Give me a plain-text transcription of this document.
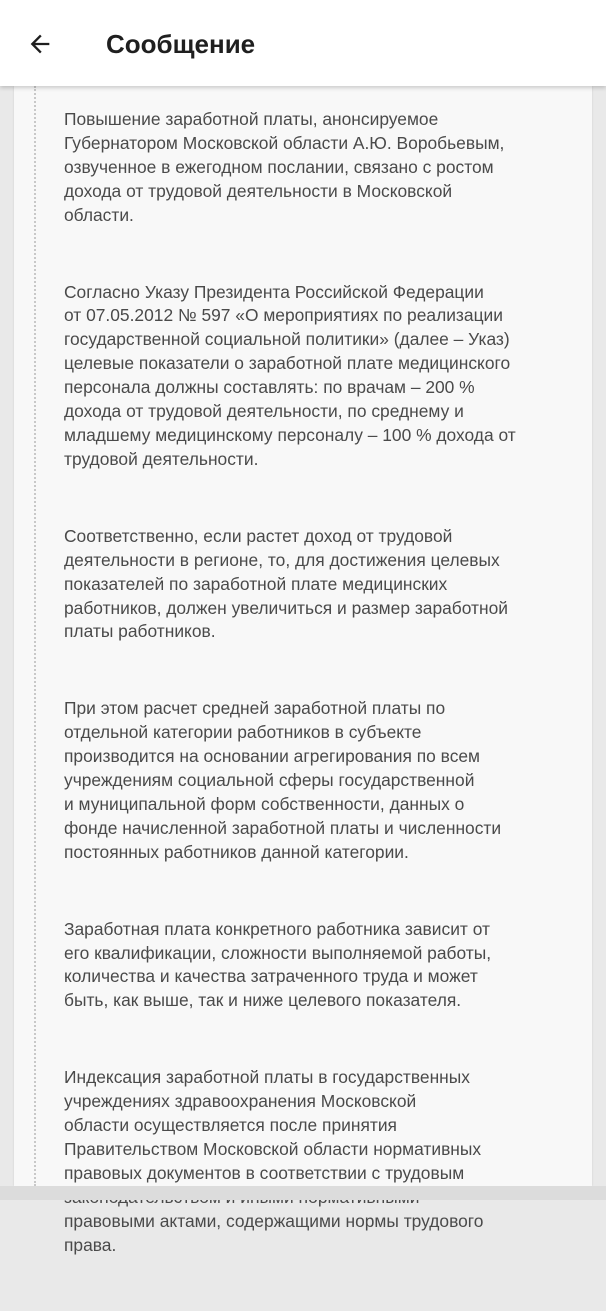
Сообщение

Повышение заработной платы, анонсируемое
Губернатором Московской области А.Ю. Воробьевым,
озвученное в ежегодном послании, связано с ростом
дохода от трудовой деятельности в Московской
области.

Согласно Указу Президента Российской Федерации
от 07.05.2012 № 597 «О мероприятиях по реализации
государственной социальной политики» (далее – Указ)
целевые показатели о заработной плате медицинского
персонала должны составлять: по врачам – 200 %
дохода от трудовой деятельности, по среднему и
младшему медицинскому персоналу – 100 % дохода от
трудовой деятельности.

Соответственно, если растет доход от трудовой
деятельности в регионе, то, для достижения целевых
показателей по заработной плате медицинских
работников, должен увеличиться и размер заработной
платы работников.

При этом расчет средней заработной платы по
отдельной категории работников в субъекте
производится на основании агрегирования по всем
учреждениям социальной сферы государственной
и муниципальной форм собственности, данных о
фонде начисленной заработной платы и численности
постоянных работников данной категории.

Заработная плата конкретного работника зависит от
его квалификации, сложности выполняемой работы,
количества и качества затраченного труда и может
быть, как выше, так и ниже целевого показателя.

Индексация заработной платы в государственных
учреждениях здравоохранения Московской
области осуществляется после принятия
Правительством Московской области нормативных
правовых документов в соответствии с трудовым

правовыми актами, содержащими нормы трудового
права.
